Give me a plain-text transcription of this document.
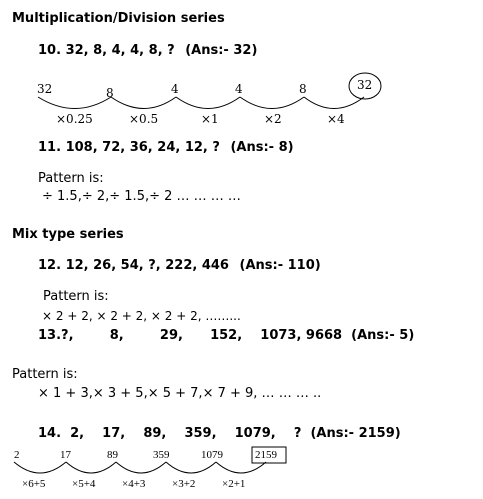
Multiplication/Division series
10. 32, 8, 4, 4, 8, ? (Ans:- 32)
32	8	4	4	8	32
×0.25	×0.5	×1	×2	×4
11. 108, 72, 36, 24, 12, ? (Ans:- 8)
Pattern is:
÷ 1.5,÷ 2,÷ 1.5,÷ 2 … … … …
Mix type series
12. 12, 26, 54, ?, 222, 446 (Ans:- 110)
Pattern is:
× 2 + 2, × 2 + 2, × 2 + 2, ……...
13.?,        8,        29,      152,    1073, 9668 (Ans:- 5)
Pattern is:
× 1 + 3,× 3 + 5,× 5 + 7,× 7 + 9, … … … ..
14. 2,    17,    89,    359,    1079,    ? (Ans:- 2159)
2	17	89	359	1079	2159
×6+5 ×5+4 ×4+3 ×3+2 ×2+1
